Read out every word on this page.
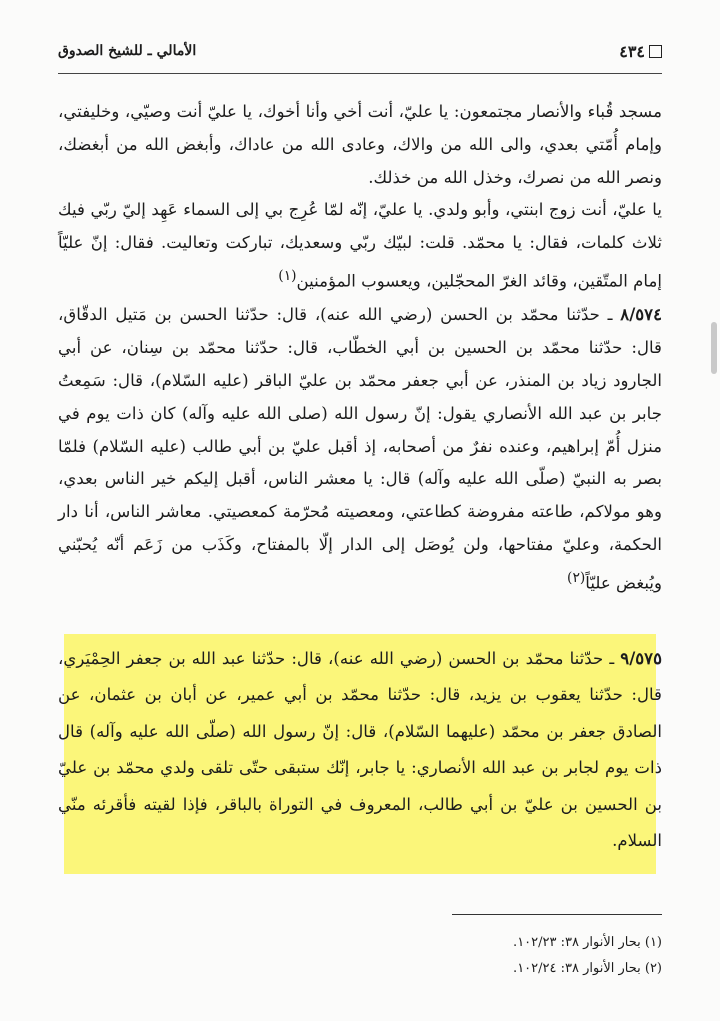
٤٣٤
الأمالي ـ للشيخ الصدوق

مسجد قُباء والأنصار مجتمعون: يا عليّ، أنت أخي وأنا أخوك، يا عليّ أنت وصيّي، وخليفتي، وإمام أُمّتي بعدي، والى الله من والاك، وعادى الله من عاداك، وأبغض الله من أبغضك، ونصر الله من نصرك، وخذل الله من خذلك.

يا عليّ، أنت زوج ابنتي، وأبو ولدي. يا عليّ، إنّه لمّا عُرِج بي إلى السماء عَهِد إليّ ربّي فيك ثلاث كلمات، فقال: يا محمّد. قلت: لبيّك ربّي وسعديك، تباركت وتعاليت. فقال: إنّ عليّاً إمام المتّقين، وقائد الغرّ المحجّلين، ويعسوب المؤمنين$^{(١)}$

٨/٥٧٤ ـ حدّثنا محمّد بن الحسن (رضي الله عنه)، قال: حدّثنا الحسن بن مَتيل الدقّاق، قال: حدّثنا محمّد بن الحسين بن أبي الخطّاب، قال: حدّثنا محمّد بن سِنان، عن أبي الجارود زياد بن المنذر، عن أبي جعفر محمّد بن عليّ الباقر (عليه السّلام)، قال: سَمِعتُ جابر بن عبد الله الأنصاري يقول: إنّ رسول الله (صلى الله عليه وآله) كان ذات يوم في منزل أُمّ إبراهيم، وعنده نفرٌ من أصحابه، إذ أقبل عليّ بن أبي طالب (عليه السّلام) فلمّا بصر به النبيّ (صلّى الله عليه وآله) قال: يا معشر الناس، أقبل إليكم خير الناس بعدي، وهو مولاكم، طاعته مفروضة كطاعتي، ومعصيته مُحرّمة كمعصيتي. معاشر الناس، أنا دار الحكمة، وعليّ مفتاحها، ولن يُوصَل إلى الدار إلّا بالمفتاح، وكَذَب من زَعَم أنّه يُحبّني ويُبغض عليّاً$^{(٢)}$

٩/٥٧٥ ـ حدّثنا محمّد بن الحسن (رضي الله عنه)، قال: حدّثنا عبد الله بن جعفر الحِمْيَري، قال: حدّثنا يعقوب بن يزيد، قال: حدّثنا محمّد بن أبي عمير، عن أبان بن عثمان، عن الصادق جعفر بن محمّد (عليهما السّلام)، قال: إنّ رسول الله (صلّى الله عليه وآله) قال ذات يوم لجابر بن عبد الله الأنصاري: يا جابر، إنّك ستبقى حتّى تلقى ولدي محمّد بن عليّ بن الحسين بن عليّ بن أبي طالب، المعروف في التوراة بالباقر، فإذا لقيته فأقرئه منّي السلام.

(١) بحار الأنوار ٣٨: ١٠٢/٢٣.
(٢) بحار الأنوار ٣٨: ١٠٢/٢٤.
